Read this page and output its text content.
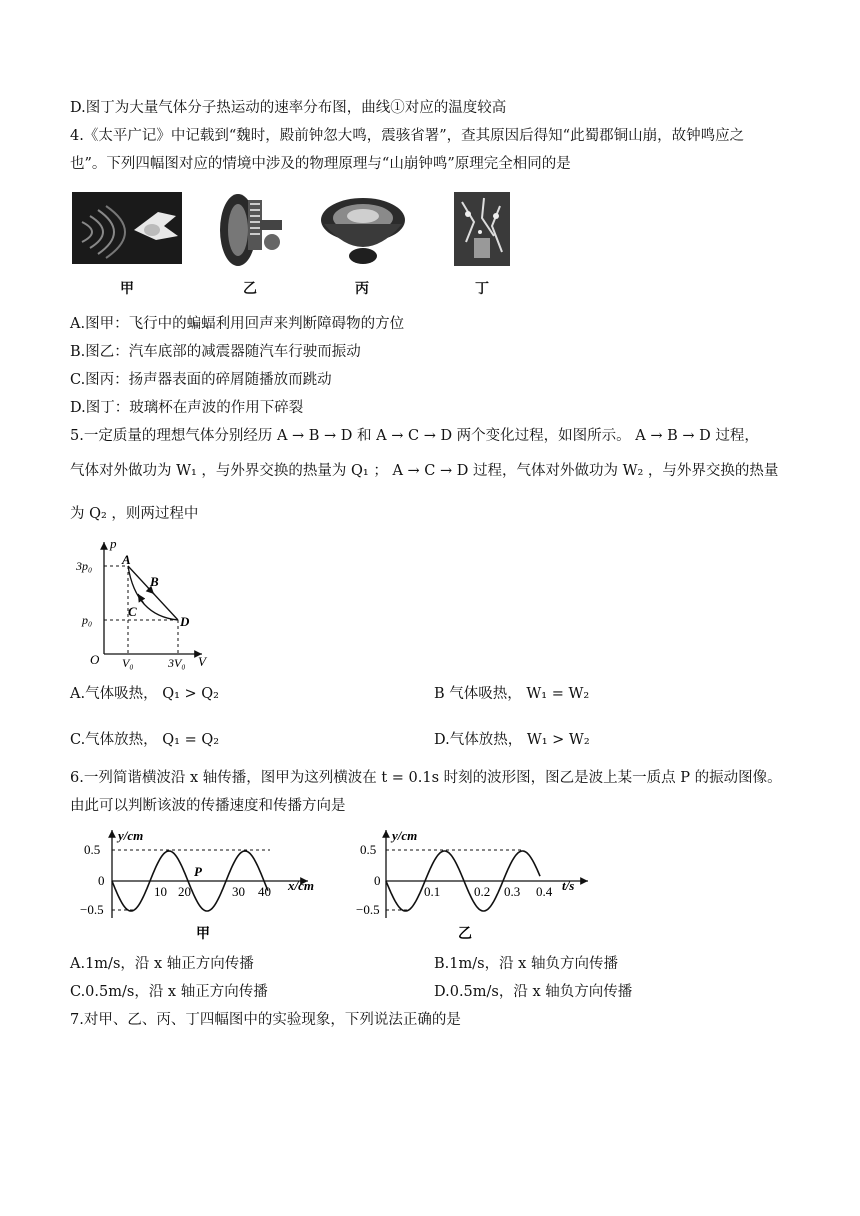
D.图丁为大量气体分子热运动的速率分布图，曲线①对应的温度较高
4.《太平广记》中记载到“魏时，殿前钟忽大鸣，震骇省署”，查其原因后得知“此蜀郡铜山崩，故钟鸣应之
也”。下列四幅图对应的情境中涉及的物理原理与“山崩钟鸣”原理完全相同的是
甲	乙	丙	丁
A.图甲：飞行中的蝙蝠利用回声来判断障碍物的方位
B.图乙：汽车底部的减震器随汽车行驶而振动
C.图丙：扬声器表面的碎屑随播放而跳动
D.图丁：玻璃杯在声波的作用下碎裂
5.一定质量的理想气体分别经历 A → B → D 和 A → C → D 两个变化过程，如图所示。 A → B → D 过程，
气体对外做功为 W₁ ，与外界交换的热量为 Q₁ ； A → C → D 过程，气体对外做功为 W₂ ，与外界交换的热量
为 Q₂ ，则两过程中
p
V
O
3p₀
p₀
V₀	3V₀
A
B
C
D
A.气体吸热， Q₁ > Q₂	B 气体吸热， W₁ = W₂
C.气体放热， Q₁ = Q₂	D.气体放热， W₁ > W₂
6.一列简谐横波沿 x 轴传播，图甲为这列横波在 t = 0.1s 时刻的波形图，图乙是波上某一质点 P 的振动图像。
由此可以判断该波的传播速度和传播方向是
y/cm
x/cm
0.5
0
−0.5
10 20	30 40
P
甲
y/cm
t/s
0.5
0
−0.5
0.1	0.2 0.3 0.4
乙
A.1m/s，沿 x 轴正方向传播	B.1m/s，沿 x 轴负方向传播
C.0.5m/s，沿 x 轴正方向传播	D.0.5m/s，沿 x 轴负方向传播
7.对甲、乙、丙、丁四幅图中的实验现象，下列说法正确的是
